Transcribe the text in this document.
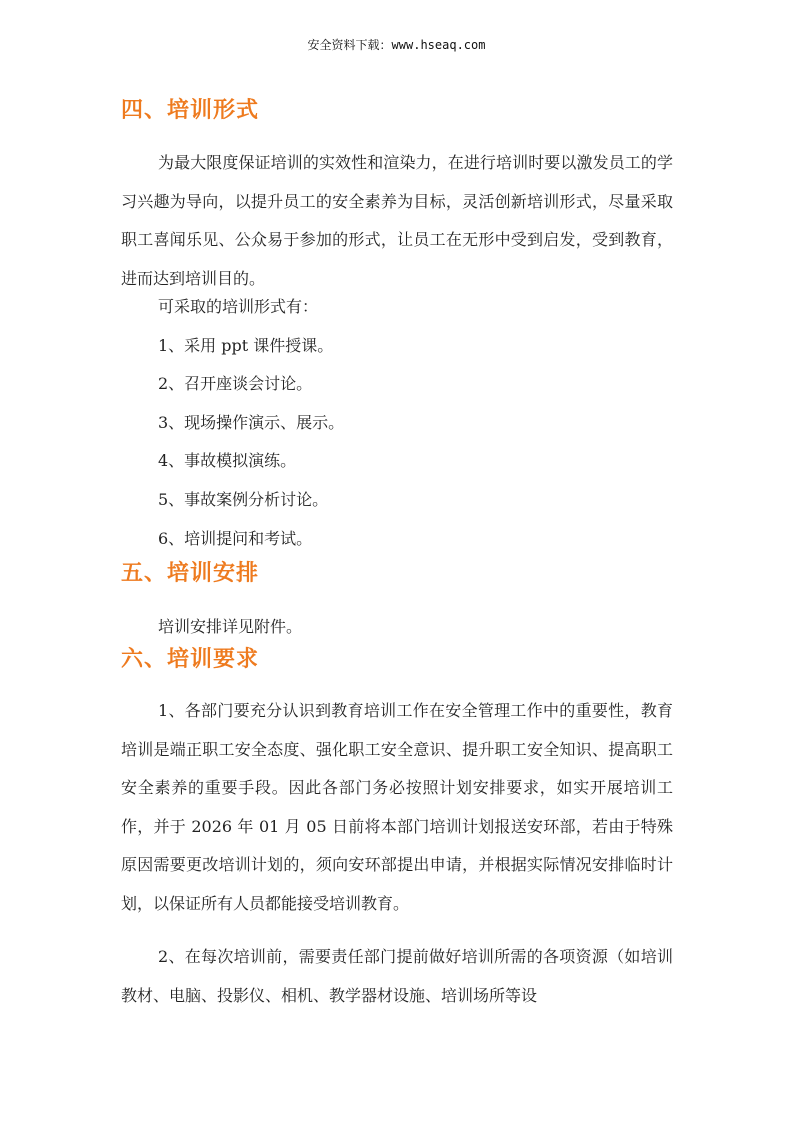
安全资料下载：www.hseaq.com
四、培训形式

为最大限度保证培训的实效性和渲染力，在进行培训时要以激发员工的学习兴趣为导向，以提升员工的安全素养为目标，灵活创新培训形式，尽量采取职工喜闻乐见、公众易于参加的形式，让员工在无形中受到启发，受到教育，进而达到培训目的。

可采取的培训形式有：

1、采用 ppt 课件授课。

2、召开座谈会讨论。

3、现场操作演示、展示。

4、事故模拟演练。

5、事故案例分析讨论。

6、培训提问和考试。

五、培训安排

培训安排详见附件。

六、培训要求

1、各部门要充分认识到教育培训工作在安全管理工作中的重要性，教育培训是端正职工安全态度、强化职工安全意识、提升职工安全知识、提高职工安全素养的重要手段。因此各部门务必按照计划安排要求，如实开展培训工作，并于 2026 年 01 月 05 日前将本部门培训计划报送安环部，若由于特殊原因需要更改培训计划的，须向安环部提出申请，并根据实际情况安排临时计划，以保证所有人员都能接受培训教育。

2、在每次培训前，需要责任部门提前做好培训所需的各项资源（如培训教材、电脑、投影仪、相机、教学器材设施、培训场所等设
